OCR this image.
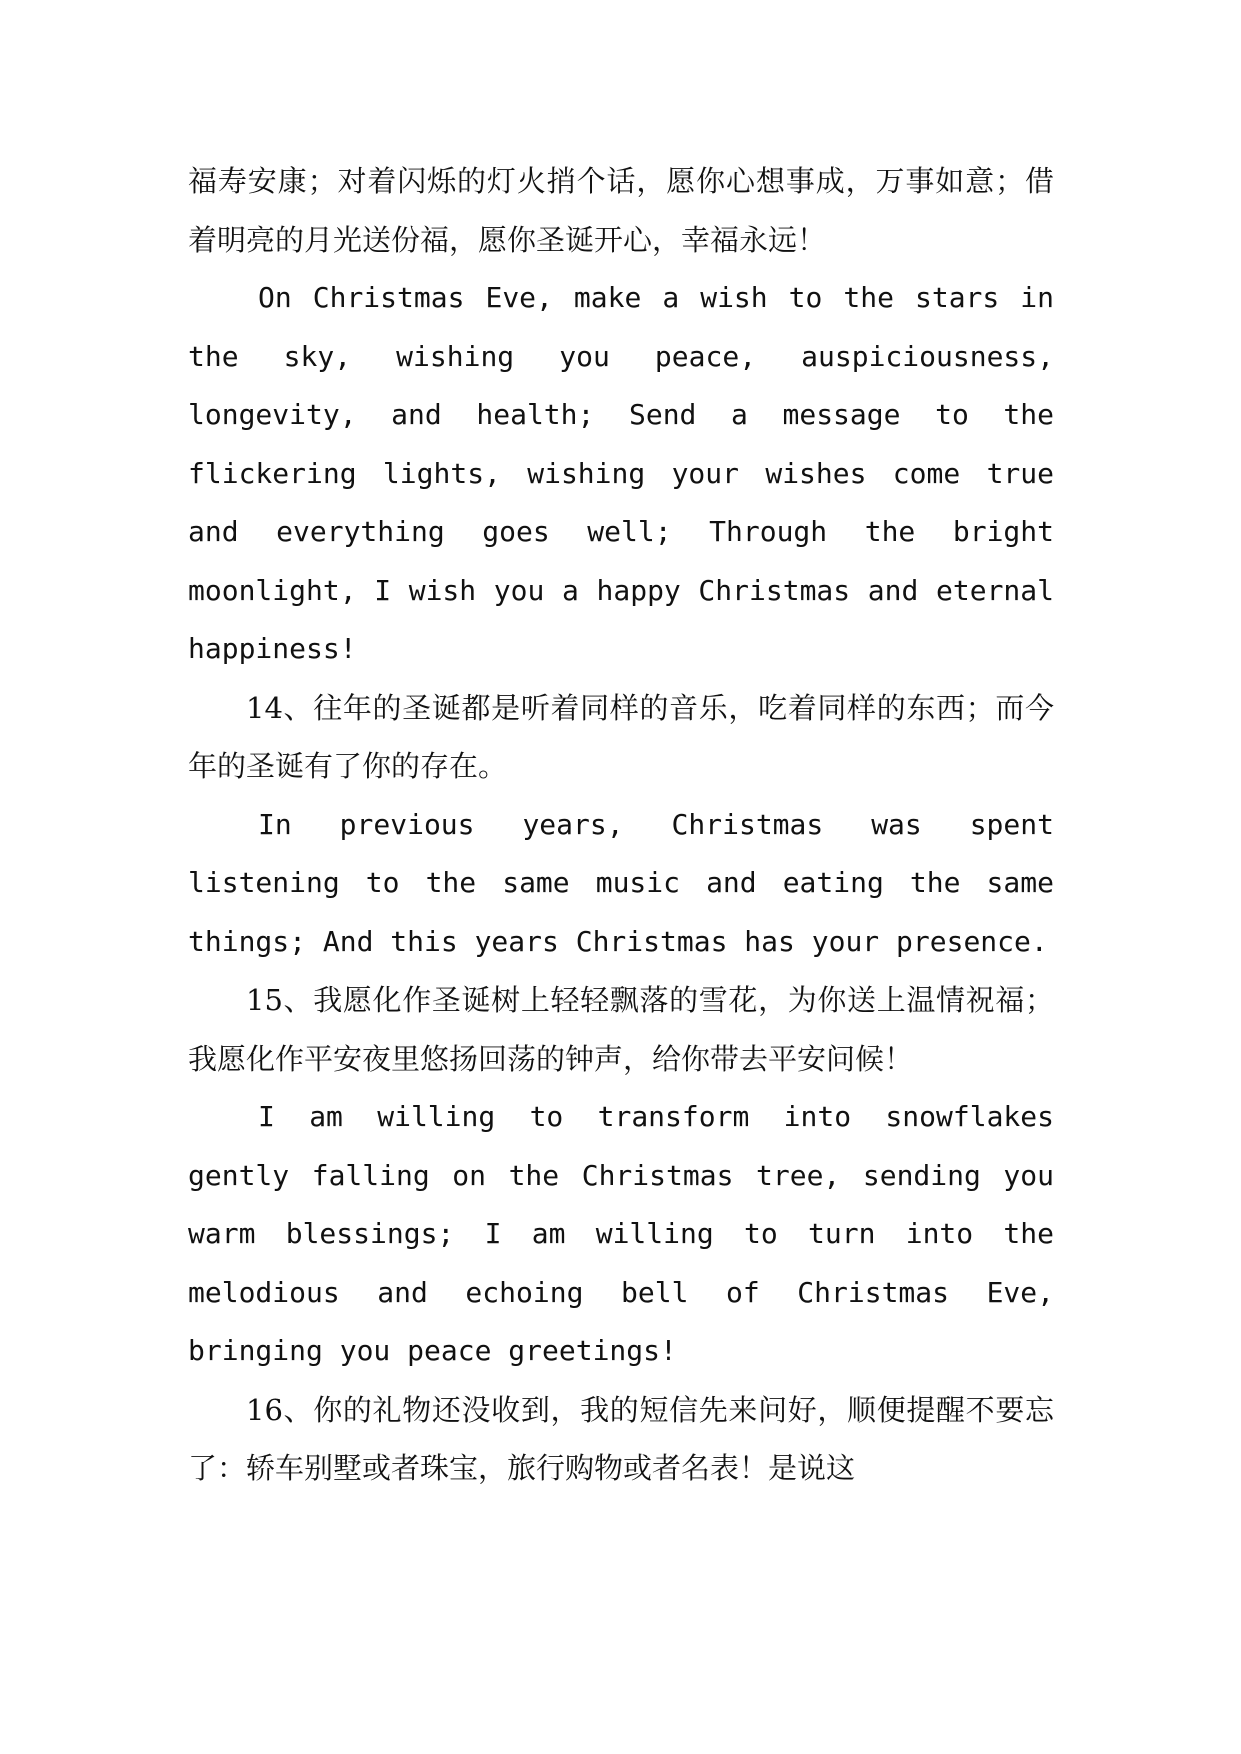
福寿安康；对着闪烁的灯火捎个话，愿你心想事成，万事如意；借着明亮的月光送份福，愿你圣诞开心，幸福永远！

On Christmas Eve, make a wish to the stars in the sky, wishing you peace, auspiciousness, longevity, and health; Send a message to the flickering lights, wishing your wishes come true and everything goes well; Through the bright moonlight, I wish you a happy Christmas and eternal happiness!

14、往年的圣诞都是听着同样的音乐，吃着同样的东西；而今年的圣诞有了你的存在。

In previous years, Christmas was spent listening to the same music and eating the same things; And this years Christmas has your presence.

15、我愿化作圣诞树上轻轻飘落的雪花，为你送上温情祝福；我愿化作平安夜里悠扬回荡的钟声，给你带去平安问候！

I am willing to transform into snowflakes gently falling on the Christmas tree, sending you warm blessings; I am willing to turn into the melodious and echoing bell of Christmas Eve, bringing you peace greetings!

16、你的礼物还没收到，我的短信先来问好，顺便提醒不要忘了：轿车别墅或者珠宝，旅行购物或者名表！是说这
